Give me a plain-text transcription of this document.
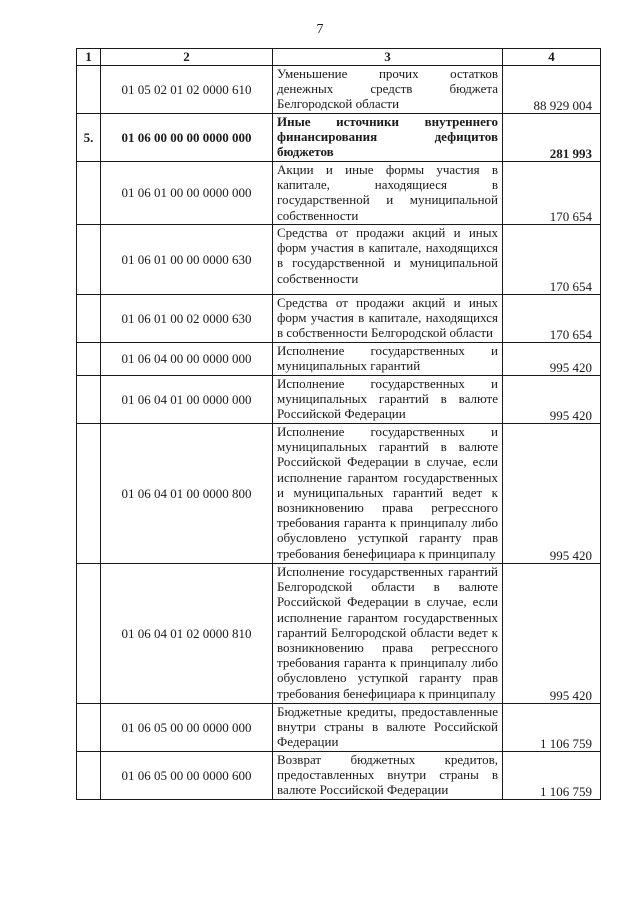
7
1	2	3	4
	01 05 02 01 02 0000 610	Уменьшение прочих остатков денежных средств бюджета Белгородской области	88 929 004
5.	01 06 00 00 00 0000 000	Иные источники внутреннего финансирования дефицитов бюджетов	281 993
	01 06 01 00 00 0000 000	Акции и иные формы участия в капитале, находящиеся в государственной и муниципальной собственности	170 654
	01 06 01 00 00 0000 630	Средства от продажи акций и иных форм участия в капитале, находящихся в государственной и муниципальной собственности	170 654
	01 06 01 00 02 0000 630	Средства от продажи акций и иных форм участия в капитале, находящихся в собственности Белгородской области	170 654
	01 06 04 00 00 0000 000	Исполнение государственных и муниципальных гарантий	995 420
	01 06 04 01 00 0000 000	Исполнение государственных и муниципальных гарантий в валюте Российской Федерации	995 420
	01 06 04 01 00 0000 800	Исполнение государственных и муниципальных гарантий в валюте Российской Федерации в случае, если исполнение гарантом государственных и муниципальных гарантий ведет к возникновению права регрессного требования гаранта к принципалу либо обусловлено уступкой гаранту прав требования бенефициара к принципалу	995 420
	01 06 04 01 02 0000 810	Исполнение государственных гарантий Белгородской области в валюте Российской Федерации в случае, если исполнение гарантом государственных гарантий Белгородской области ведет к возникновению права регрессного требования гаранта к принципалу либо обусловлено уступкой гаранту прав требования бенефициара к принципалу	995 420
	01 06 05 00 00 0000 000	Бюджетные кредиты, предоставленные внутри страны в валюте Российской Федерации	1 106 759
	01 06 05 00 00 0000 600	Возврат бюджетных кредитов, предоставленных внутри страны в валюте Российской Федерации	1 106 759
